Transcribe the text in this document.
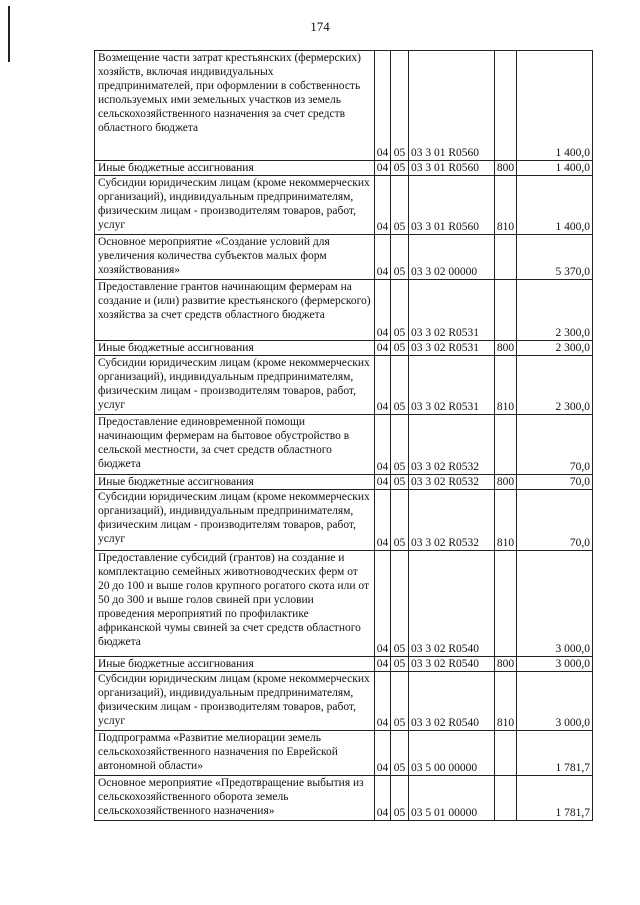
174
Возмещение части затрат крестьянских (фермерских) хозяйств, включая индивидуальных предпринимателей, при оформлении в собственность используемых ими земельных участков из земель сельскохозяйственного назначения за счет средств областного бюджета	04	05	03 3 01 R0560		1 400,0
Иные бюджетные ассигнования	04	05	03 3 01 R0560	800	1 400,0
Субсидии юридическим лицам (кроме некоммерческих организаций), индивидуальным предпринимателям, физическим лицам - производителям товаров, работ, услуг	04	05	03 3 01 R0560	810	1 400,0
Основное мероприятие «Создание условий для увеличения количества субъектов малых форм хозяйствования»	04	05	03 3 02 00000		5 370,0
Предоставление грантов начинающим фермерам на создание и (или) развитие крестьянского (фермерского) хозяйства за счет средств областного бюджета	04	05	03 3 02 R0531		2 300,0
Иные бюджетные ассигнования	04	05	03 3 02 R0531	800	2 300,0
Субсидии юридическим лицам (кроме некоммерческих организаций), индивидуальным предпринимателям, физическим лицам - производителям товаров, работ, услуг	04	05	03 3 02 R0531	810	2 300,0
Предоставление единовременной помощи начинающим фермерам на бытовое обустройство в сельской местности, за счет средств областного бюджета	04	05	03 3 02 R0532		70,0
Иные бюджетные ассигнования	04	05	03 3 02 R0532	800	70,0
Субсидии юридическим лицам (кроме некоммерческих организаций), индивидуальным предпринимателям, физическим лицам - производителям товаров, работ, услуг	04	05	03 3 02 R0532	810	70,0
Предоставление субсидий (грантов) на создание и комплектацию семейных животноводческих ферм от 20 до 100 и выше голов крупного рогатого скота или от 50 до 300 и выше голов свиней при условии проведения мероприятий по профилактике африканской чумы свиней за счет средств областного бюджета	04	05	03 3 02 R0540		3 000,0
Иные бюджетные ассигнования	04	05	03 3 02 R0540	800	3 000,0
Субсидии юридическим лицам (кроме некоммерческих организаций), индивидуальным предпринимателям, физическим лицам - производителям товаров, работ, услуг	04	05	03 3 02 R0540	810	3 000,0
Подпрограмма «Развитие мелиорации земель сельскохозяйственного назначения по Еврейской автономной области»	04	05	03 5 00 00000		1 781,7
Основное мероприятие «Предотвращение выбытия из сельскохозяйственного оборота земель сельскохозяйственного назначения»	04	05	03 5 01 00000		1 781,7
